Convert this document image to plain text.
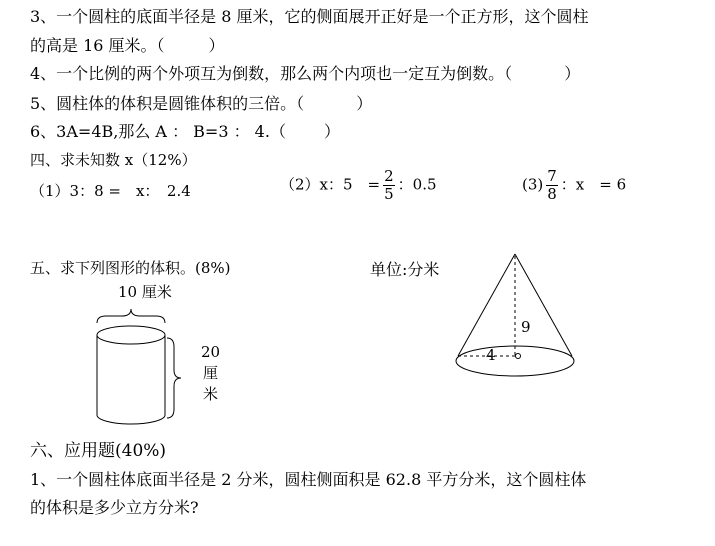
3、一个圆柱的底面半径是 8 厘米，它的侧面展开正好是一个正方形，这个圆柱
的高是 16 厘米。（	）
4、一个比例的两个外项互为倒数，那么两个内项也一定互为倒数。（	）
5、圆柱体的体积是圆锥体积的三倍。（	）
6、3A=4B,那么 A ： B=3 ： 4.（ ）
四、求未知数 x（12%）
（1）3：8 =　x：　2.4	（2）x：5　= $\frac{2}{5}$ ：0.5	$(3) \frac{7}{8}$ ：x　= 6
五、求下列图形的体积。(8%)	单位:分米
10 厘米
20
厘
米
9
4
六、应用题(40%)
1、一个圆柱体底面半径是 2 分米，圆柱侧面积是 62.8 平方分米，这个圆柱体
的体积是多少立方分米?
